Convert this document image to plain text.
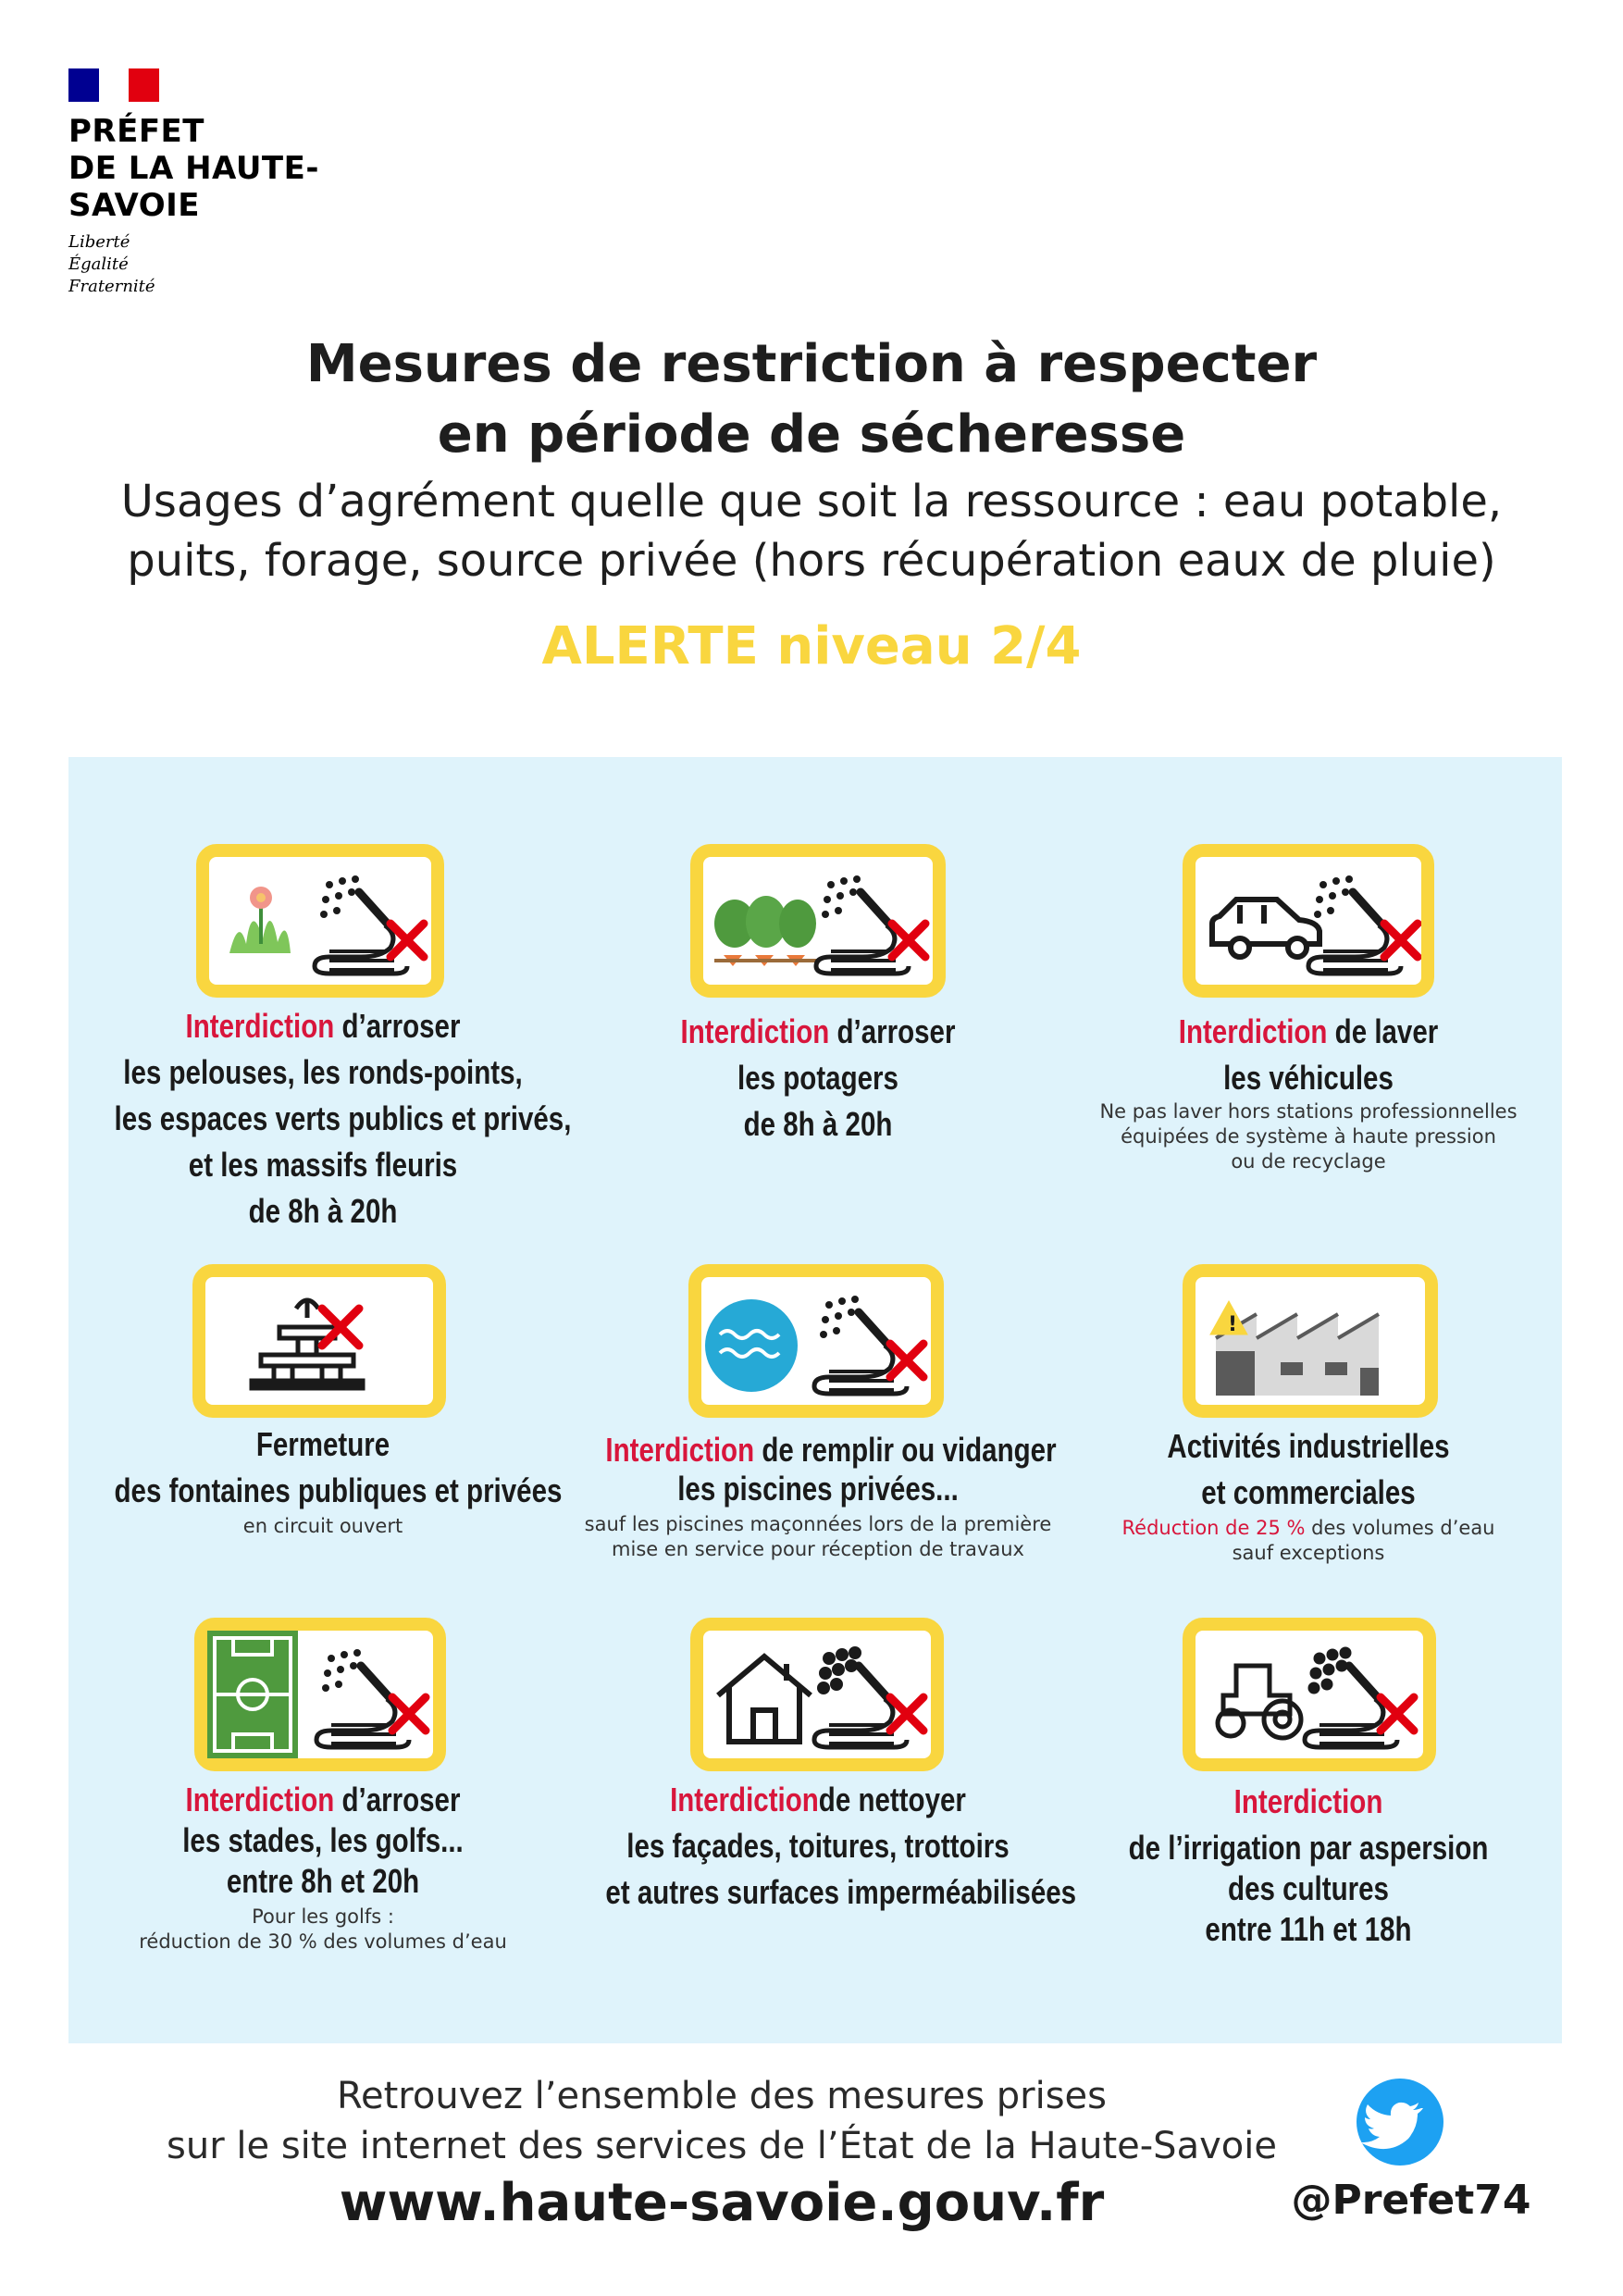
PRÉFET
DE LA HAUTE-SAVOIE
Liberté
Égalité
Fraternité
Mesures de restriction à respecter
en période de sécheresse
Usages d’agrément quelle que soit la ressource : eau potable,
puits, forage, source privée (hors récupération eaux de pluie)
ALERTE niveau 2/4
Interdiction d’arroser
les pelouses, les ronds-points,
les espaces verts publics et privés,
et les massifs fleuris
de 8h à 20h
Interdiction d’arroser
les potagers
de 8h à 20h
Interdiction de laver
les véhicules
Ne pas laver hors stations professionnelles
équipées de système à haute pression
ou de recyclage
Fermeture
des fontaines publiques et privées
en circuit ouvert
Interdiction de remplir ou vidanger
les piscines privées...
sauf les piscines maçonnées lors de la première
mise en service pour réception de travaux
!
Activités industrielles
et commerciales
Réduction de 25 % des volumes d’eau
sauf exceptions
Interdiction d’arroser
les stades, les golfs...
entre 8h et 20h
Pour les golfs :
réduction de 30 % des volumes d’eau
Interdictionde nettoyer
les façades, toitures, trottoirs
et autres surfaces imperméabilisées
Interdiction
de l’irrigation par aspersion
des cultures
entre 11h et 18h
Retrouvez l’ensemble des mesures prises
sur le site internet des services de l’État de la Haute-Savoie
www.haute-savoie.gouv.fr	@Prefet74
